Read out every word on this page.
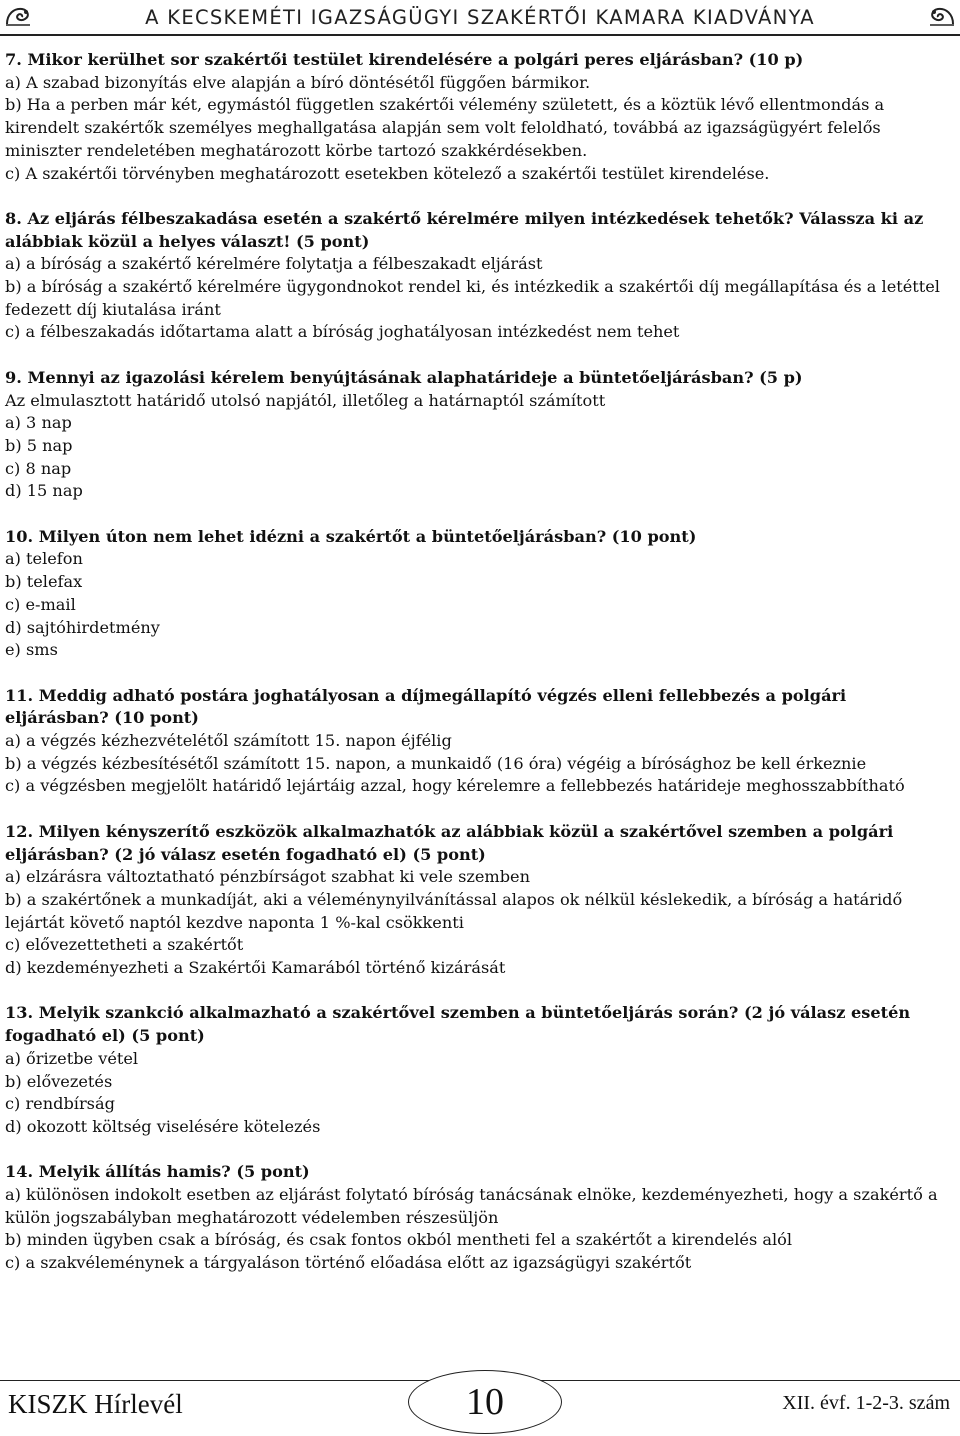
A KECSKEMÉTI IGAZSÁGÜGYI SZAKÉRTŐI KAMARA KIADVÁNYA

7. Mikor kerülhet sor szakértői testület kirendelésére a polgári peres eljárásban? (10 p)

a) A szabad bizonyítás elve alapján a bíró döntésétől függően bármikor.

b) Ha a perben már két, egymástól független szakértői vélemény született, és a köztük lévő ellentmondás a kirendelt szakértők személyes meghallgatása alapján sem volt feloldható, továbbá az igazságügyért felelős miniszter rendeletében meghatározott körbe tartozó szakkérdésekben.

c) A szakértői törvényben meghatározott esetekben kötelező a szakértői testület kirendelése.

8. Az eljárás félbeszakadása esetén a szakértő kérelmére milyen intézkedések tehetők? Válassza ki az alábbiak közül a helyes választ! (5 pont)

a) a bíróság a szakértő kérelmére folytatja a félbeszakadt eljárást

b) a bíróság a szakértő kérelmére ügygondnokot rendel ki, és intézkedik a szakértői díj megállapítása és a letéttel fedezett díj kiutalása iránt

c) a félbeszakadás időtartama alatt a bíróság joghatályosan intézkedést nem tehet

9. Mennyi az igazolási kérelem benyújtásának alaphatárideje a büntetőeljárásban? (5 p)

Az elmulasztott határidő utolsó napjától, illetőleg a határnaptól számított

a) 3 nap

b) 5 nap

c) 8 nap

d) 15 nap

10. Milyen úton nem lehet idézni a szakértőt a büntetőeljárásban? (10 pont)

a) telefon

b) telefax

c) e-mail

d) sajtóhirdetmény

e) sms

11. Meddig adható postára joghatályosan a díjmegállapító végzés elleni fellebbezés a polgári eljárásban? (10 pont)

a) a végzés kézhezvételétől számított 15. napon éjfélig

b) a végzés kézbesítésétől számított 15. napon, a munkaidő (16 óra) végéig a bírósághoz be kell érkeznie

c) a végzésben megjelölt határidő lejártáig azzal, hogy kérelemre a fellebbezés határideje meghosszabbítható

12. Milyen kényszerítő eszközök alkalmazhatók az alábbiak közül a szakértővel szemben a polgári eljárásban? (2 jó válasz esetén fogadható el) (5 pont)

a) elzárásra változtatható pénzbírságot szabhat ki vele szemben

b) a szakértőnek a munkadíját, aki a véleménynyilvánítással alapos ok nélkül késlekedik, a bíróság a határidő lejártát követő naptól kezdve naponta 1 %-kal csökkenti

c) elővezettetheti a szakértőt

d) kezdeményezheti a Szakértői Kamarából történő kizárását

13. Melyik szankció alkalmazható a szakértővel szemben a büntetőeljárás során? (2 jó válasz esetén fogadható el) (5 pont)

a) őrizetbe vétel

b) elővezetés

c) rendbírság

d) okozott költség viselésére kötelezés

14. Melyik állítás hamis? (5 pont)

a) különösen indokolt esetben az eljárást folytató bíróság tanácsának elnöke, kezdeményezheti, hogy a szakértő a külön jogszabályban meghatározott védelemben részesüljön

b) minden ügyben csak a bíróság, és csak fontos okból mentheti fel a szakértőt a kirendelés alól

c) a szakvéleménynek a tárgyaláson történő előadása előtt az igazságügyi szakértőt

KISZK Hírlevél	10	XII. évf. 1-2-3. szám
